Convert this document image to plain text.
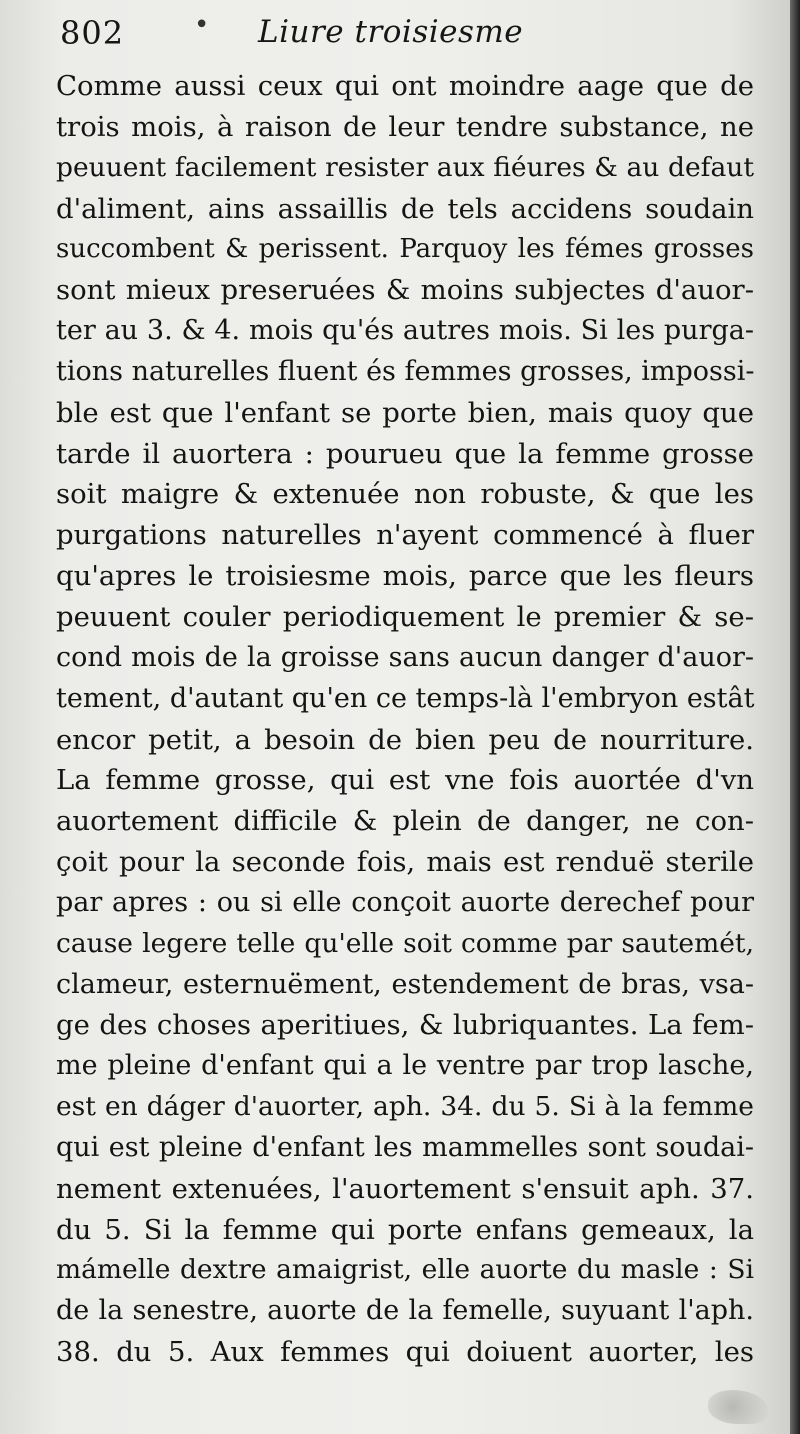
802	• Liure troisiesme
Comme aussi ceux qui ont moindre aage que de
trois mois, à raison de leur tendre substance, ne
peuuent facilement resister aux fiéures & au defaut
d'aliment, ains assaillis de tels accidens soudain
succombent & perissent. Parquoy les fémes grosses
sont mieux preseruées & moins subjectes d'auor-
ter au 3. & 4. mois qu'és autres mois. Si les purga-
tions naturelles fluent és femmes grosses, impossi-
ble est que l'enfant se porte bien, mais quoy que
tarde il auortera : pourueu que la femme grosse
soit maigre & extenuée non robuste, & que les
purgations naturelles n'ayent commencé à fluer
qu'apres le troisiesme mois, parce que les fleurs
peuuent couler periodiquement le premier & se-
cond mois de la groisse sans aucun danger d'auor-
tement, d'autant qu'en ce temps-là l'embryon estât
encor petit, a besoin de bien peu de nourriture.
La femme grosse, qui est vne fois auortée d'vn
auortement difficile & plein de danger, ne con-
çoit pour la seconde fois, mais est renduë sterile
par apres : ou si elle conçoit auorte derechef pour
cause legere telle qu'elle soit comme par sautemét,
clameur, esternuëment, estendement de bras, vsa-
ge des choses aperitiues, & lubriquantes. La fem-
me pleine d'enfant qui a le ventre par trop lasche,
est en dáger d'auorter, aph. 34. du 5. Si à la femme
qui est pleine d'enfant les mammelles sont soudai-
nement extenuées, l'auortement s'ensuit aph. 37.
du 5. Si la femme qui porte enfans gemeaux, la
mámelle dextre amaigrist, elle auorte du masle : Si
de la senestre, auorte de la femelle, suyuant l'aph.
38. du 5. Aux femmes qui doiuent auorter, les
